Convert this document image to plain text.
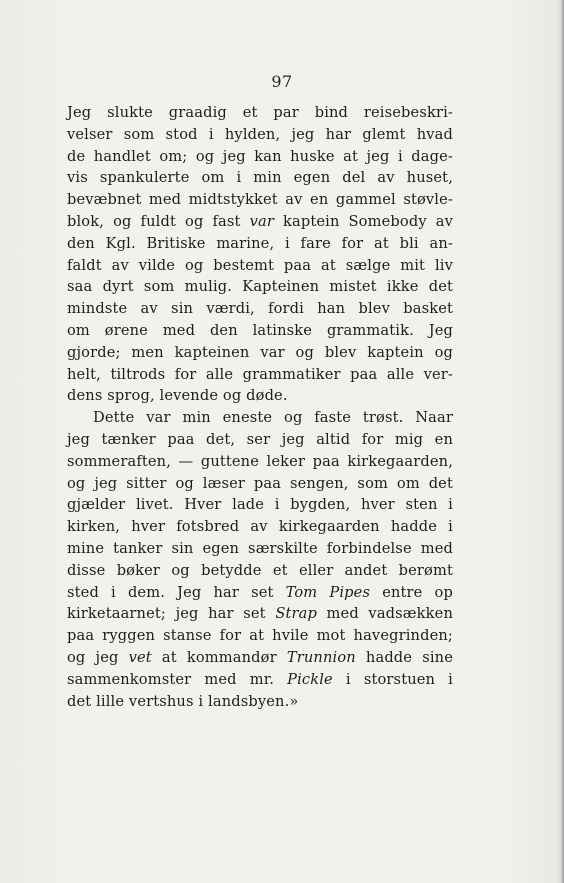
97
Jeg slukte graadig et par bind reisebeskri-
velser som stod i hylden, jeg har glemt hvad
de handlet om; og jeg kan huske at jeg i dage-
vis spankulerte om i min egen del av huset,
bevæbnet med midtstykket av en gammel støvle-
blok, og fuldt og fast var kaptein Somebody av
den Kgl. Britiske marine, i fare for at bli an-
faldt av vilde og bestemt paa at sælge mit liv
saa dyrt som mulig. Kapteinen mistet ikke det
mindste av sin værdi, fordi han blev basket
om ørene med den latinske grammatik. Jeg
gjorde; men kapteinen var og blev kaptein og
helt, tiltrods for alle grammatiker paa alle ver-
dens sprog, levende og døde.
Dette var min eneste og faste trøst. Naar
jeg tænker paa det, ser jeg altid for mig en
sommeraften, — guttene leker paa kirkegaarden,
og jeg sitter og læser paa sengen, som om det
gjælder livet. Hver lade i bygden, hver sten i
kirken, hver fotsbred av kirkegaarden hadde i
mine tanker sin egen særskilte forbindelse med
disse bøker og betydde et eller andet berømt
sted i dem. Jeg har set Tom Pipes entre op
kirketaarnet; jeg har set Strap med vadsækken
paa ryggen stanse for at hvile mot havegrinden;
og jeg vet at kommandør Trunnion hadde sine
sammenkomster med mr. Pickle i storstuen i
det lille vertshus i landsbyen.»
